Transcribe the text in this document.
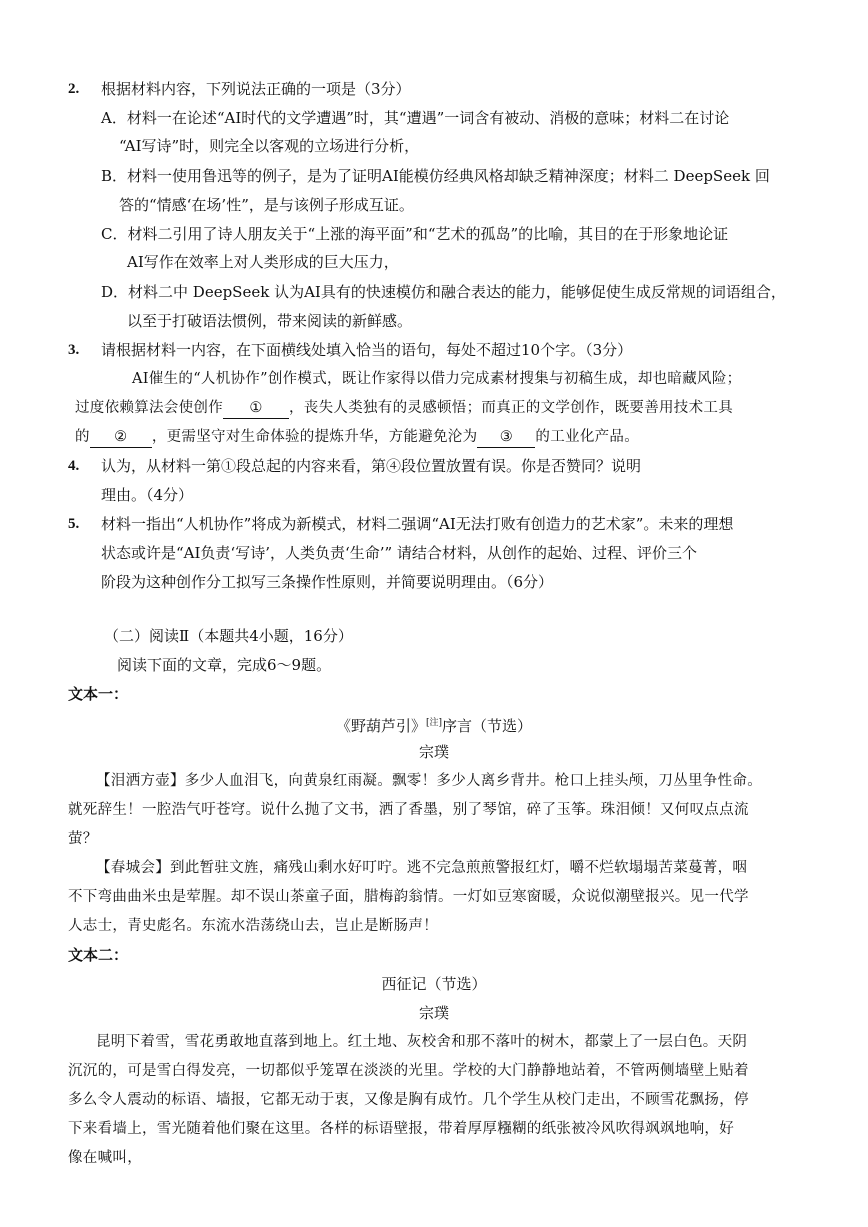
2. 根据材料内容，下列说法正确的一项是（3分）
A．材料一在论述“AI时代的文学遭遇”时，其“遭遇”一词含有被动、消极的意味；材料二在讨论
“AI写诗”时，则完全以客观的立场进行分析，
B．材料一使用鲁迅等的例子，是为了证明AI能模仿经典风格却缺乏精神深度；材料二 DeepSeek 回
答的“情感‘在场’性”，是与该例子形成互证。
C．材料二引用了诗人朋友关于“上涨的海平面”和“艺术的孤岛”的比喻，其目的在于形象地论证
AI写作在效率上对人类形成的巨大压力，
D．材料二中 DeepSeek 认为AI具有的快速模仿和融合表达的能力，能够促使生成反常规的词语组合，
以至于打破语法惯例，带来阅读的新鲜感。
3. 请根据材料一内容，在下面横线处填入恰当的语句，每处不超过10个字。（3分）
AI催生的“人机协作”创作模式，既让作家得以借力完成素材搜集与初稿生成，却也暗藏风险；
过度依赖算法会使创作 ① ，丧失人类独有的灵感顿悟；而真正的文学创作，既要善用技术工具
的 ② ，更需坚守对生命体验的提炼升华，方能避免沦为 ③ 的工业化产品。
4. 认为，从材料一第①段总起的内容来看，第④段位置放置有误。你是否赞同？说明
理由。（4分）
5. 材料一指出“人机协作”将成为新模式，材料二强调“AI无法打败有创造力的艺术家”。未来的理想
状态或许是“AI负责‘写诗’，人类负责‘生命’” 请结合材料，从创作的起始、过程、评价三个
阶段为这种创作分工拟写三条操作性原则，并简要说明理由。（6分）
（二）阅读Ⅱ（本题共4小题，16分）
阅读下面的文章，完成6～9题。
文本一：
《野葫芦引》[注]序言（节选）
宗璞
【泪洒方壶】多少人血泪飞，向黄泉红雨凝。飘零！多少人离乡背井。枪口上挂头颅，刀丛里争性命。
就死辞生！一腔浩气吁苍穹。说什么抛了文书，洒了香墨，别了琴馆，碎了玉筝。珠泪倾！又何叹点点流
萤？
【春城会】到此暂驻文旌，痛残山剩水好叮咛。逃不完急煎煎警报红灯，嚼不烂软塌塌苦菜蔓菁，咽
不下弯曲曲米虫是荤腥。却不误山茶童子面，腊梅韵翁情。一灯如豆寒窗暖，众说似潮壁报兴。见一代学
人志士，青史彪名。东流水浩荡绕山去，岂止是断肠声！
文本二：
西征记（节选）
宗璞
昆明下着雪，雪花勇敢地直落到地上。红土地、灰校舍和那不落叶的树木，都蒙上了一层白色。天阴
沉沉的，可是雪白得发亮，一切都似乎笼罩在淡淡的光里。学校的大门静静地站着，不管两侧墙壁上贴着
多么令人震动的标语、墙报，它都无动于衷，又像是胸有成竹。几个学生从校门走出，不顾雪花飘扬，停
下来看墙上，雪光随着他们聚在这里。各样的标语壁报，带着厚厚糨糊的纸张被冷风吹得飒飒地响，好
像在喊叫，
